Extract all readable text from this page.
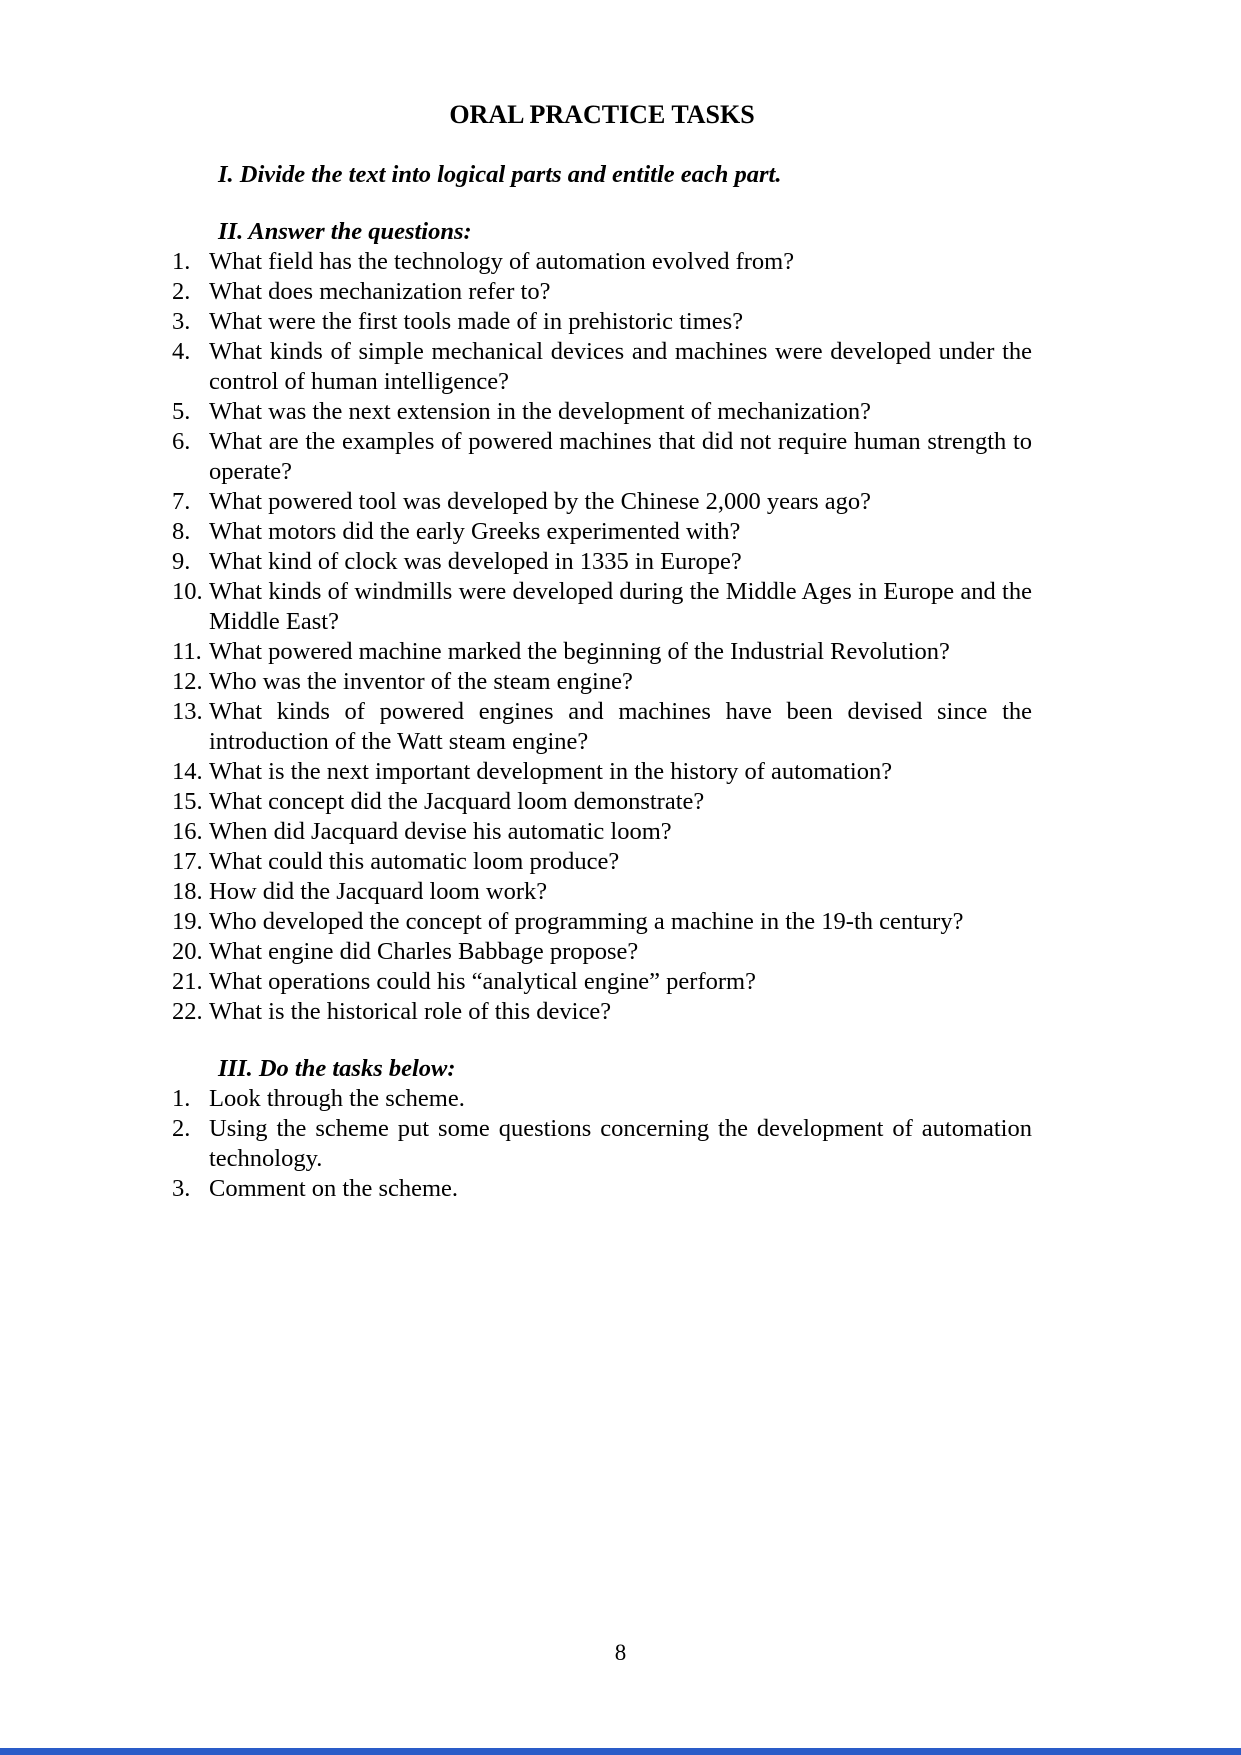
ORAL PRACTICE TASKS

I. Divide the text into logical parts and entitle each part.

II. Answer the questions:

1. What field has the technology of automation evolved from?
2. What does mechanization refer to?
3. What were the first tools made of in prehistoric times?
4. What kinds of simple mechanical devices and machines were developed under the control of human intelligence?
5. What was the next extension in the development of mechanization?
6. What are the examples of powered machines that did not require human strength to operate?
7. What powered tool was developed by the Chinese 2,000 years ago?
8. What motors did the early Greeks experimented with?
9. What kind of clock was developed in 1335 in Europe?
10. What kinds of windmills were developed during the Middle Ages in Europe and the Middle East?
11. What powered machine marked the beginning of the Industrial Revolution?
12. Who was the inventor of the steam engine?
13. What kinds of powered engines and machines have been devised since the introduction of the Watt steam engine?
14. What is the next important development in the history of automation?
15. What concept did the Jacquard loom demonstrate?
16. When did Jacquard devise his automatic loom?
17. What could this automatic loom produce?
18. How did the Jacquard loom work?
19. Who developed the concept of programming a machine in the 19-th century?
20. What engine did Charles Babbage propose?
21. What operations could his “analytical engine” perform?
22. What is the historical role of this device?

III. Do the tasks below:

1. Look through the scheme.
2. Using the scheme put some questions concerning the development of automation technology.
3. Comment on the scheme.
8
